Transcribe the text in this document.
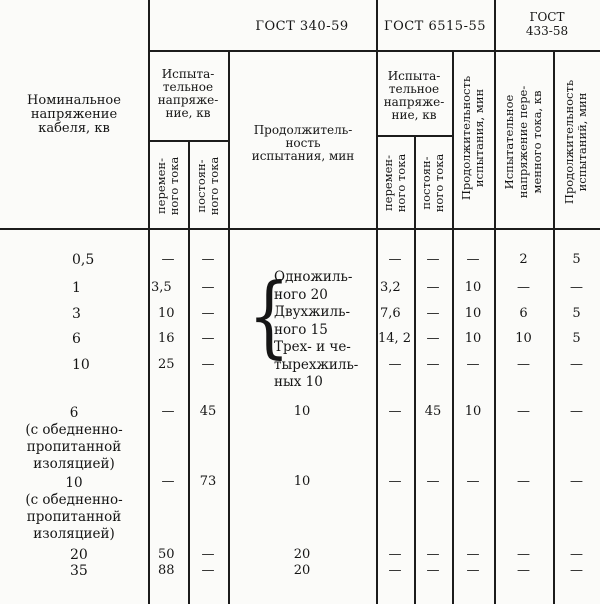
ГОСТ 340-59	ГОСТ 6515-55
ГОСТ
433-58
Номинальное
напряжение
кабеля, кв
Испыта-
тельное
напряже-
ние, кв
Продолжитель-
ность
испытания, мин
Испыта-
тельное
напряже-
ние, кв
перемен-
ного тока постоян-
ного тока	перемен-
ного тока постоян-
ного тока Продолжительность
испытания, мин Испытательное
напряжение пере-
менного тока, кв Продолжительность
испытаний, мин
0,5
1
3
6
10
6
(с обедненно-
пропитанной
изоляцией)
10
(с обедненно-
пропитанной
изоляцией)
20
35
—
3,5
10
16
25
—
—
50
88
—
—
—
—
—
45
73
—
—
{
Одножиль-
ного 20
Двухжиль-
ного 15
Трех- и че-
тырехжиль-
ных 10
10
10
20
20
—
3,2
7,6
14, 2
—
—
—
—
—
—
—
—
—
—
45
—
—
—
—
10
10
10
—
10
—
—
—
2
—
6
10
—
—
—
—
—
5
—
5
5
—
—
—
—
—
